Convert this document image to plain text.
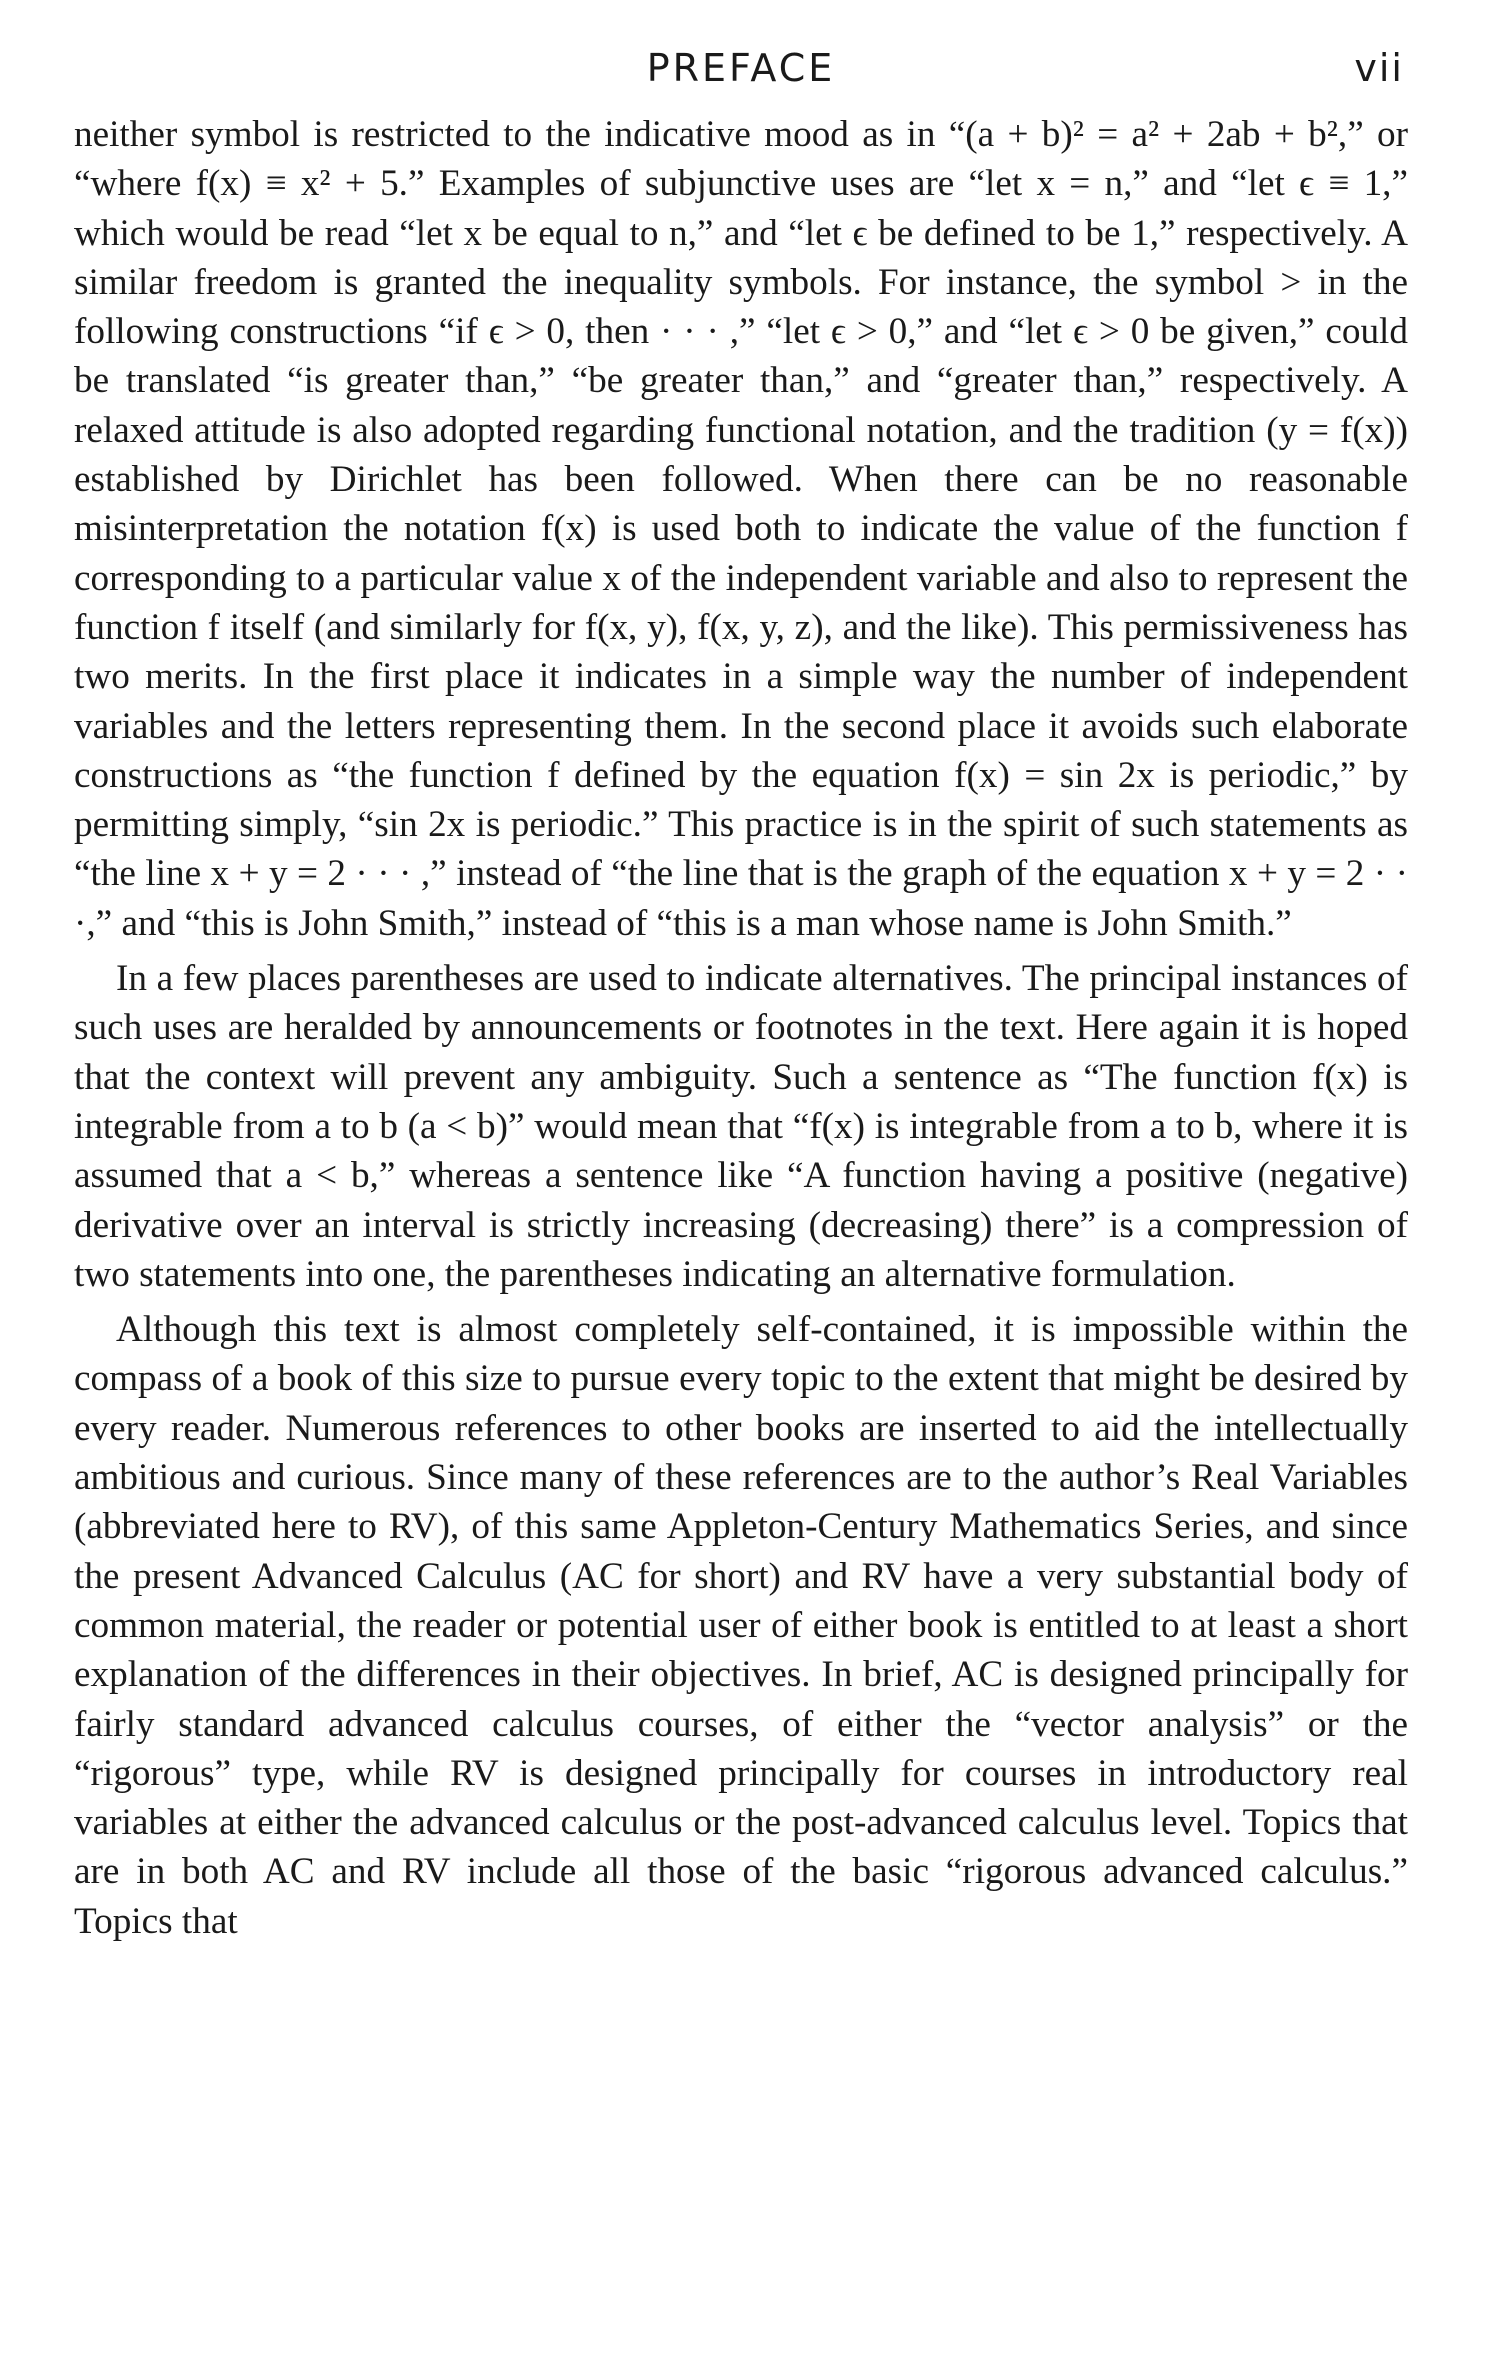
PREFACE	vii

neither symbol is restricted to the indicative mood as in “(a + b)² = a² + 2ab + b²,” or “where f(x) ≡ x² + 5.” Examples of subjunctive uses are “let x = n,” and “let ϵ ≡ 1,” which would be read “let x be equal to n,” and “let ϵ be defined to be 1,” respectively. A similar freedom is granted the inequality symbols. For instance, the symbol > in the following constructions “if ϵ > 0, then · · · ,” “let ϵ > 0,” and “let ϵ > 0 be given,” could be translated “is greater than,” “be greater than,” and “greater than,” respectively. A relaxed attitude is also adopted regarding functional notation, and the tradition (y = f(x)) established by Dirichlet has been followed. When there can be no reasonable misinterpretation the notation f(x) is used both to indicate the value of the function f corresponding to a particular value x of the independent variable and also to represent the function f itself (and similarly for f(x, y), f(x, y, z), and the like). This permissiveness has two merits. In the first place it indicates in a simple way the number of independent variables and the letters representing them. In the second place it avoids such elaborate constructions as “the function f defined by the equation f(x) = sin 2x is periodic,” by permitting simply, “sin 2x is periodic.” This practice is in the spirit of such statements as “the line x + y = 2 · · · ,” instead of “the line that is the graph of the equation x + y = 2 · · ·,” and “this is John Smith,” instead of “this is a man whose name is John Smith.”

In a few places parentheses are used to indicate alternatives. The principal instances of such uses are heralded by announcements or footnotes in the text. Here again it is hoped that the context will prevent any ambiguity. Such a sentence as “The function f(x) is integrable from a to b (a < b)” would mean that “f(x) is integrable from a to b, where it is assumed that a < b,” whereas a sentence like “A function having a positive (negative) derivative over an interval is strictly increasing (decreasing) there” is a compression of two statements into one, the parentheses indicating an alternative formulation.

Although this text is almost completely self-contained, it is impossible within the compass of a book of this size to pursue every topic to the extent that might be desired by every reader. Numerous references to other books are inserted to aid the intellectually ambitious and curious. Since many of these references are to the author’s Real Variables (abbreviated here to RV), of this same Appleton-Century Mathematics Series, and since the present Advanced Calculus (AC for short) and RV have a very substantial body of common material, the reader or potential user of either book is entitled to at least a short explanation of the differences in their objectives. In brief, AC is designed principally for fairly standard advanced calculus courses, of either the “vector analysis” or the “rigorous” type, while RV is designed principally for courses in introductory real variables at either the advanced calculus or the post-advanced calculus level. Topics that are in both AC and RV include all those of the basic “rigorous advanced calculus.” Topics that
